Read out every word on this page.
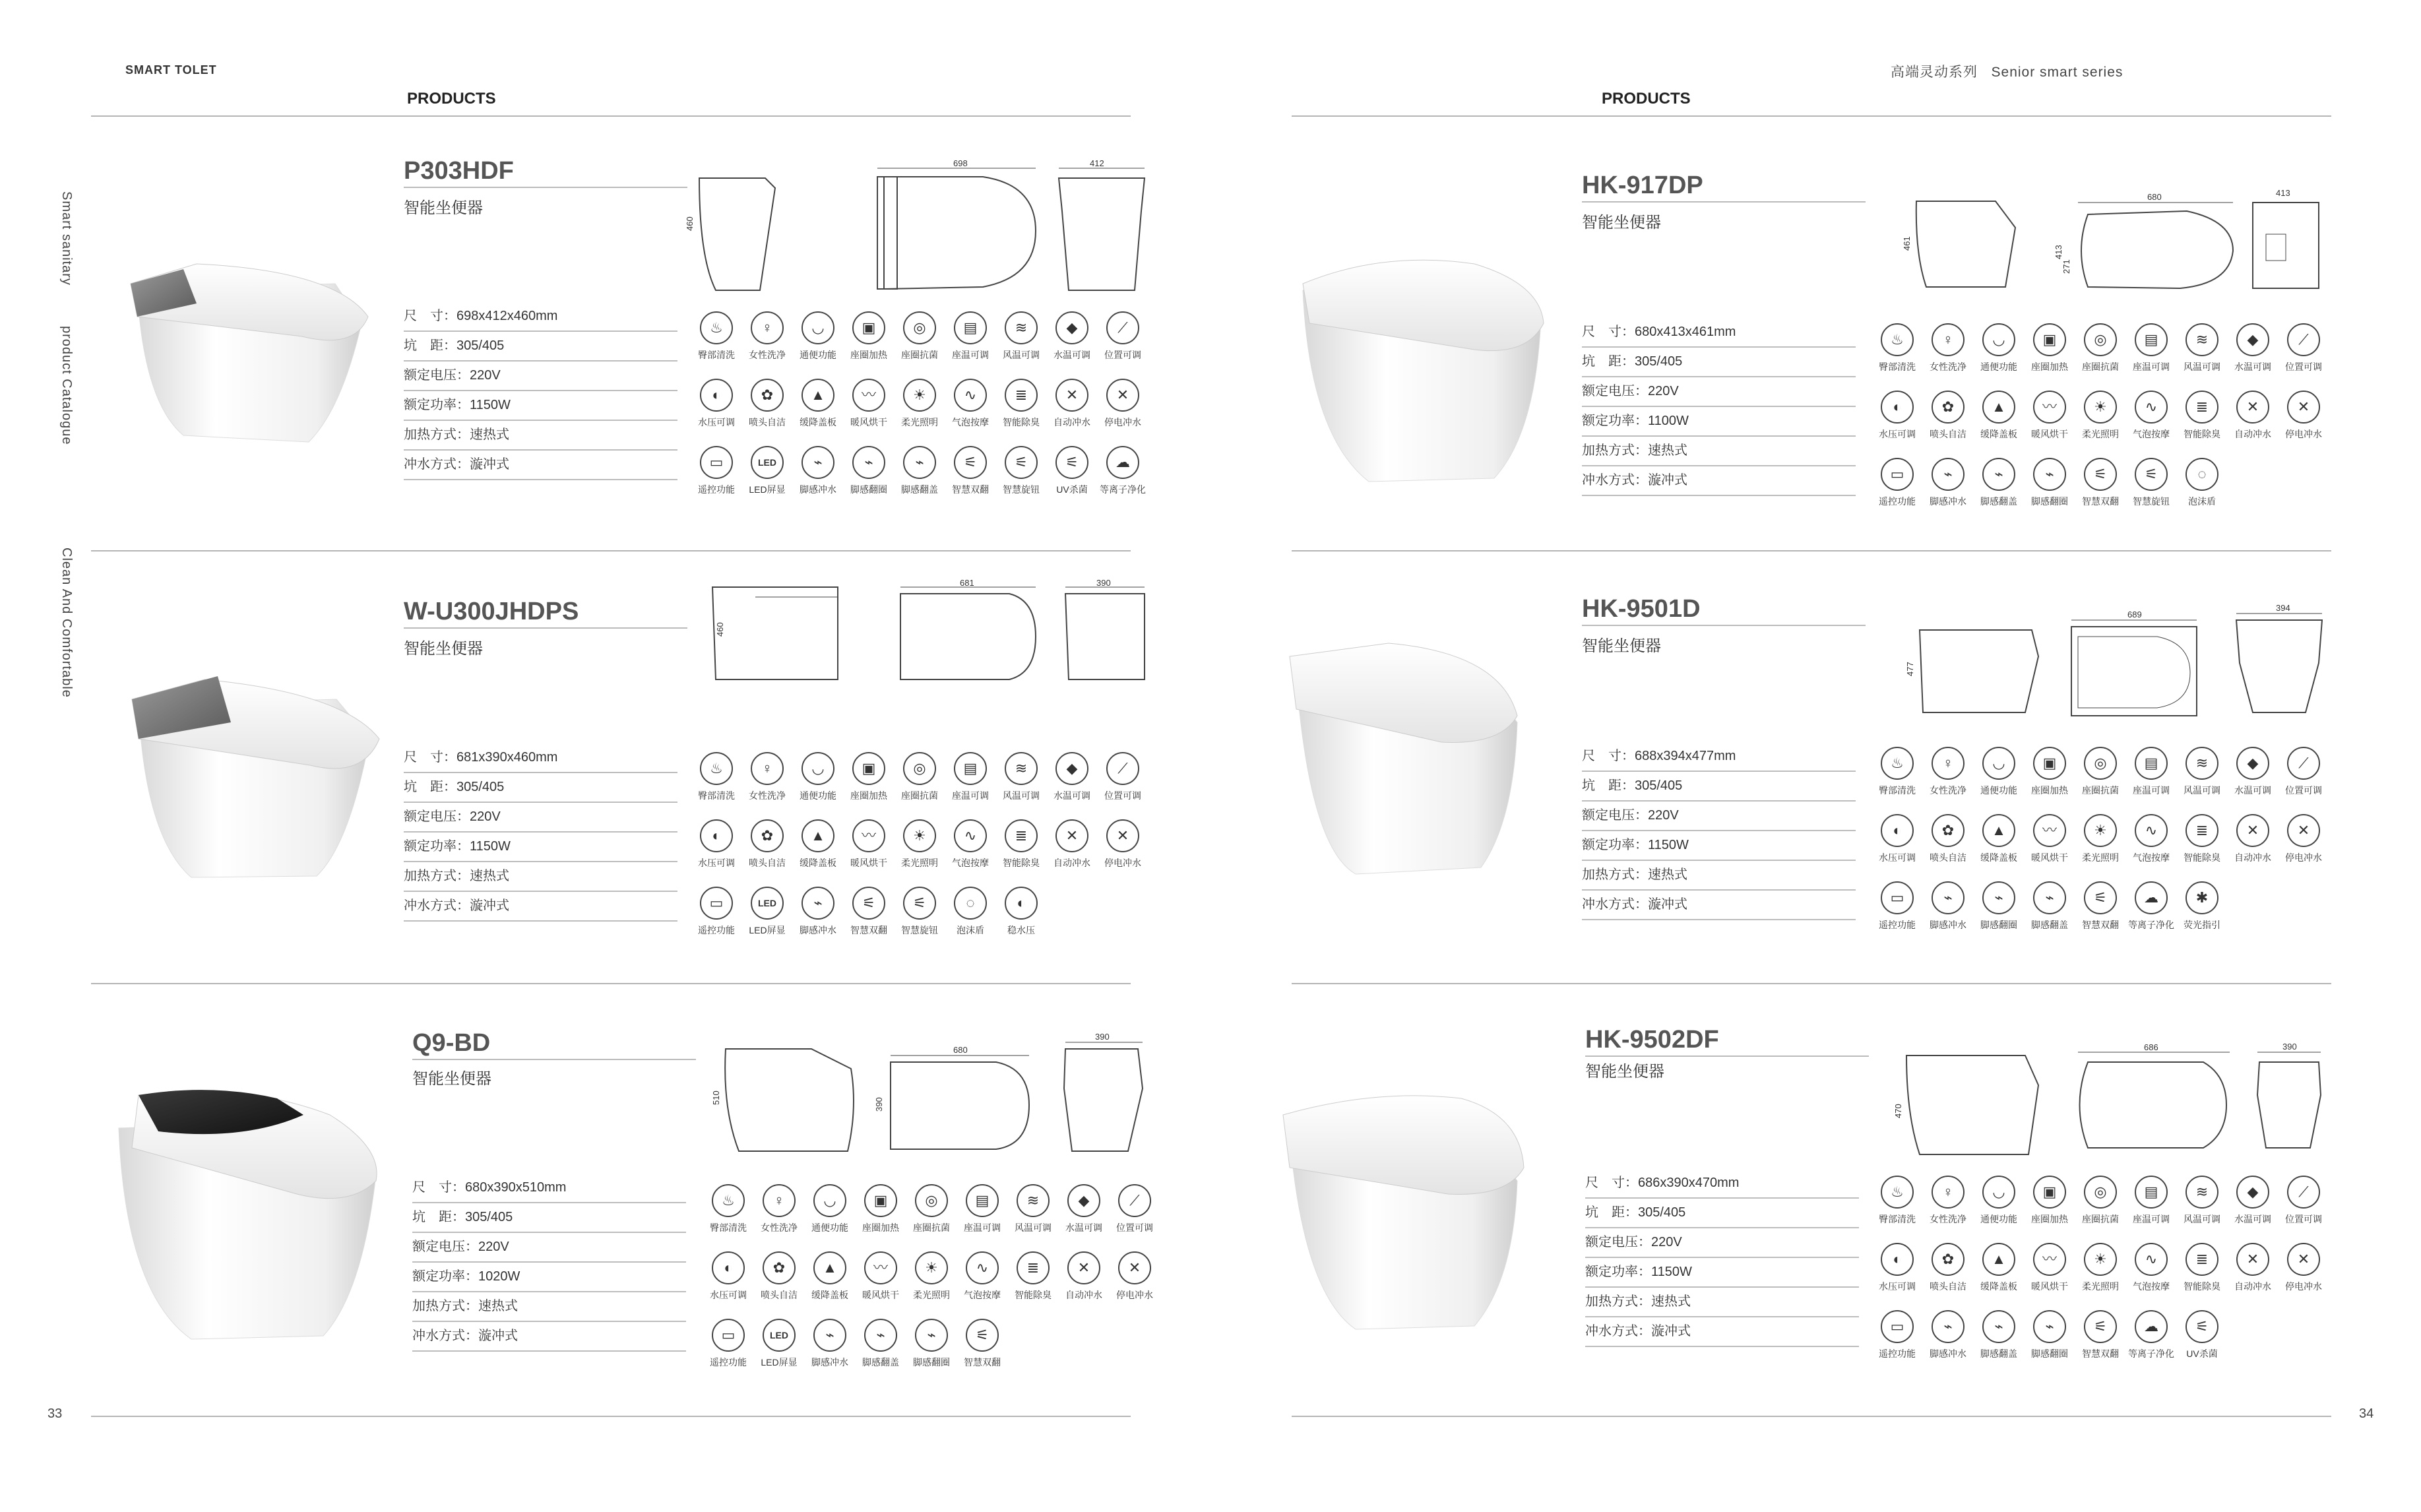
SMART TOLET	高端灵动系列 Senior smart series
PRODUCTS	PRODUCTS
Smart sanitary
product Catalogue
Clean And Comfortable
33	34
P303HDF
智能坐便器
尺　寸：698x412x460mm
坑　距：305/405
额定电压：220V
额定功率：1150W
加热方式：速热式
冲水方式：漩冲式
460
698	412
♨
臀部清洗
♀
女性洗净
◡
通便功能
▣
座圈加热
◎
座圈抗菌
▤
座温可调
≋
风温可调
◆
水温可调
⟋
位置可调
◐
水压可调
✿
喷头自洁
▲
缓降盖板
〰
暖风烘干
☀
柔光照明
∿
气泡按摩
≣
智能除臭
✕
自动冲水
✕
停电冲水
▭
遥控功能
LED
LED屏显
⌁
脚感冲水
⌁
脚感翻圈
⌁
脚感翻盖
⚟
智慧双翻
⚟
智慧旋钮
⚟
UV杀菌
☁
等离子净化
W-U300JHDPS
智能坐便器
尺　寸：681x390x460mm
坑　距：305/405
额定电压：220V
额定功率：1150W
加热方式：速热式
冲水方式：漩冲式
460
681	390
♨
臀部清洗
♀
女性洗净
◡
通便功能
▣
座圈加热
◎
座圈抗菌
▤
座温可调
≋
风温可调
◆
水温可调
⟋
位置可调
◐
水压可调
✿
喷头自洁
▲
缓降盖板
〰
暖风烘干
☀
柔光照明
∿
气泡按摩
≣
智能除臭
✕
自动冲水
✕
停电冲水
▭
遥控功能
LED
LED屏显
⌁
脚感冲水
⚟
智慧双翻
⚟
智慧旋钮
◌
泡沫盾
◐
稳水压
Q9-BD
智能坐便器
尺　寸：680x390x510mm
坑　距：305/405
额定电压：220V
额定功率：1020W
加热方式：速热式
冲水方式：漩冲式
510
680
390
390
♨
臀部清洗
♀
女性洗净
◡
通便功能
▣
座圈加热
◎
座圈抗菌
▤
座温可调
≋
风温可调
◆
水温可调
⟋
位置可调
◐
水压可调
✿
喷头自洁
▲
缓降盖板
〰
暖风烘干
☀
柔光照明
∿
气泡按摩
≣
智能除臭
✕
自动冲水
✕
停电冲水
▭
遥控功能
LED
LED屏显
⌁
脚感冲水
⌁
脚感翻盖
⌁
脚感翻圈
⚟
智慧双翻
HK-917DP
智能坐便器
尺　寸：680x413x461mm
坑　距：305/405
额定电压：220V
额定功率：1100W
加热方式：速热式
冲水方式：漩冲式
461
413
271
680	413
♨
臀部清洗
♀
女性洗净
◡
通便功能
▣
座圈加热
◎
座圈抗菌
▤
座温可调
≋
风温可调
◆
水温可调
⟋
位置可调
◐
水压可调
✿
喷头自洁
▲
缓降盖板
〰
暖风烘干
☀
柔光照明
∿
气泡按摩
≣
智能除臭
✕
自动冲水
✕
停电冲水
▭
遥控功能
⌁
脚感冲水
⌁
脚感翻盖
⌁
脚感翻圈
⚟
智慧双翻
⚟
智慧旋钮
◌
泡沫盾
HK-9501D
智能坐便器
尺　寸：688x394x477mm
坑　距：305/405
额定电压：220V
额定功率：1150W
加热方式：速热式
冲水方式：漩冲式
477
689
394
♨
臀部清洗
♀
女性洗净
◡
通便功能
▣
座圈加热
◎
座圈抗菌
▤
座温可调
≋
风温可调
◆
水温可调
⟋
位置可调
◐
水压可调
✿
喷头自洁
▲
缓降盖板
〰
暖风烘干
☀
柔光照明
∿
气泡按摩
≣
智能除臭
✕
自动冲水
✕
停电冲水
▭
遥控功能
⌁
脚感冲水
⌁
脚感翻圈
⌁
脚感翻盖
⚟
智慧双翻
☁
等离子净化
✱
荧光指引
HK-9502DF
智能坐便器
尺　寸：686x390x470mm
坑　距：305/405
额定电压：220V
额定功率：1150W
加热方式：速热式
冲水方式：漩冲式
470
686	390
♨
臀部清洗
♀
女性洗净
◡
通便功能
▣
座圈加热
◎
座圈抗菌
▤
座温可调
≋
风温可调
◆
水温可调
⟋
位置可调
◐
水压可调
✿
喷头自洁
▲
缓降盖板
〰
暖风烘干
☀
柔光照明
∿
气泡按摩
≣
智能除臭
✕
自动冲水
✕
停电冲水
▭
遥控功能
⌁
脚感冲水
⌁
脚感翻盖
⌁
脚感翻圈
⚟
智慧双翻
☁
等离子净化
⚟
UV杀菌
